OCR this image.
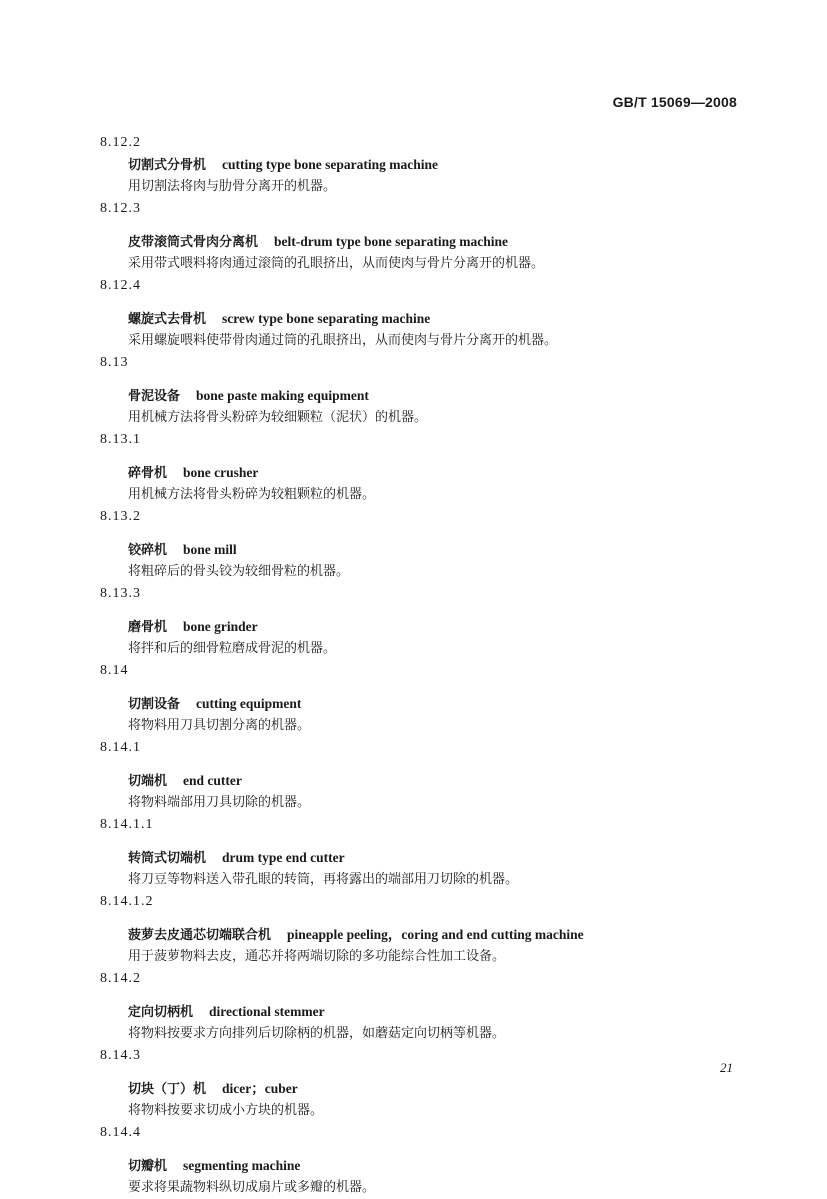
GB/T 15069—2008
8.12.2
切割式分骨机 cutting type bone separating machine
用切割法将肉与肋骨分离开的机器。
8.12.3
皮带滚筒式骨肉分离机 belt-drum type bone separating machine
采用带式喂料将肉通过滚筒的孔眼挤出，从而使肉与骨片分离开的机器。
8.12.4
螺旋式去骨机 screw type bone separating machine
采用螺旋喂料使带骨肉通过筒的孔眼挤出，从而使肉与骨片分离开的机器。
8.13
骨泥设备 bone paste making equipment
用机械方法将骨头粉碎为较细颗粒（泥状）的机器。
8.13.1
碎骨机 bone crusher
用机械方法将骨头粉碎为较粗颗粒的机器。
8.13.2
铰碎机 bone mill
将粗碎后的骨头铰为较细骨粒的机器。
8.13.3
磨骨机 bone grinder
将拌和后的细骨粒磨成骨泥的机器。
8.14
切割设备 cutting equipment
将物料用刀具切割分离的机器。
8.14.1
切端机 end cutter
将物料端部用刀具切除的机器。
8.14.1.1
转筒式切端机 drum type end cutter
将刀豆等物料送入带孔眼的转筒，再将露出的端部用刀切除的机器。
8.14.1.2
菠萝去皮通芯切端联合机 pineapple peeling，coring and end cutting machine
用于菠萝物料去皮，通芯并将两端切除的多功能综合性加工设备。
8.14.2
定向切柄机 directional stemmer
将物料按要求方向排列后切除柄的机器，如蘑菇定向切柄等机器。
8.14.3
切块（丁）机 dicer；cuber
将物料按要求切成小方块的机器。
8.14.4
切瓣机 segmenting machine
要求将果蔬物料纵切成扇片或多瓣的机器。
21
